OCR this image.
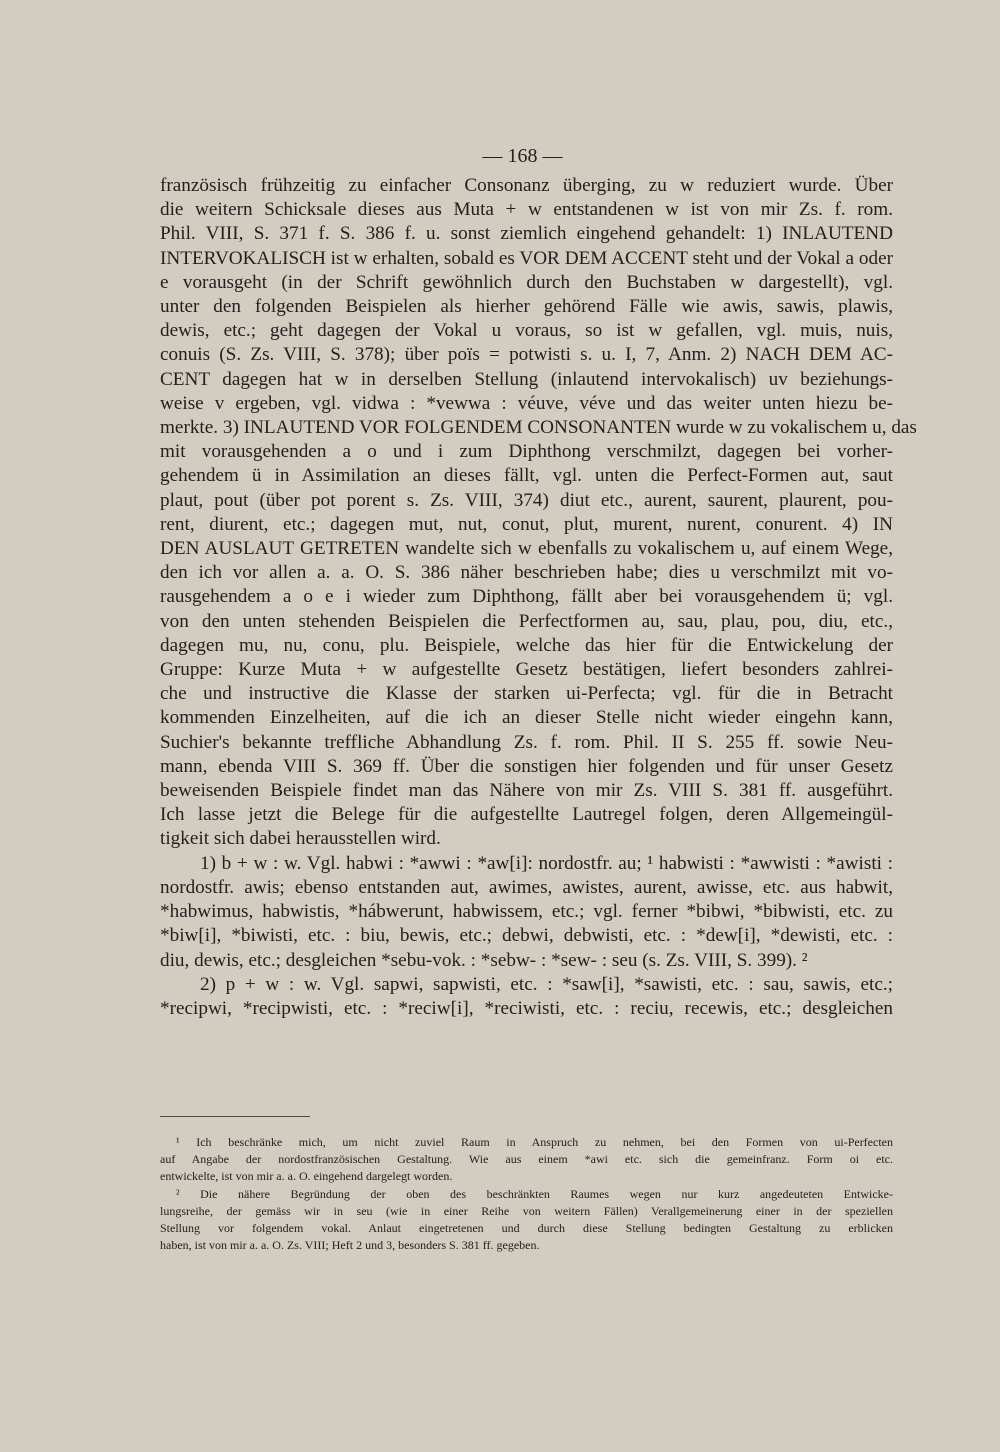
— 168 —
französisch frühzeitig zu einfacher Consonanz überging, zu w reduziert wurde. Über
die weitern Schicksale dieses aus Muta + w entstandenen w ist von mir Zs. f. rom.
Phil. VIII, S. 371 f. S. 386 f. u. sonst ziemlich eingehend gehandelt: 1) INLAUTEND
INTERVOKALISCH ist w erhalten, sobald es VOR DEM ACCENT steht und der Vokal a oder
e vorausgeht (in der Schrift gewöhnlich durch den Buchstaben w dargestellt), vgl.
unter den folgenden Beispielen als hierher gehörend Fälle wie awis, sawis, plawis,
dewis, etc.; geht dagegen der Vokal u voraus, so ist w gefallen, vgl. muis, nuis,
conuis (S. Zs. VIII, S. 378); über poïs = potwisti s. u. I, 7, Anm. 2) NACH DEM AC-
CENT dagegen hat w in derselben Stellung (inlautend intervokalisch) uv beziehungs-
weise v ergeben, vgl. vidwa : *vewwa : véuve, véve und das weiter unten hiezu be-
merkte. 3) INLAUTEND VOR FOLGENDEM CONSONANTEN wurde w zu vokalischem u, das
mit vorausgehenden a o und i zum Diphthong verschmilzt, dagegen bei vorher-
gehendem ü in Assimilation an dieses fällt, vgl. unten die Perfect-Formen aut, saut
plaut, pout (über pot porent s. Zs. VIII, 374) diut etc., aurent, saurent, plaurent, pou-
rent, diurent, etc.; dagegen mut, nut, conut, plut, murent, nurent, conurent. 4) IN
DEN AUSLAUT GETRETEN wandelte sich w ebenfalls zu vokalischem u, auf einem Wege,
den ich vor allen a. a. O. S. 386 näher beschrieben habe; dies u verschmilzt mit vo-
rausgehendem a o e i wieder zum Diphthong, fällt aber bei vorausgehendem ü; vgl.
von den unten stehenden Beispielen die Perfectformen au, sau, plau, pou, diu, etc.,
dagegen mu, nu, conu, plu. Beispiele, welche das hier für die Entwickelung der
Gruppe: Kurze Muta + w aufgestellte Gesetz bestätigen, liefert besonders zahlrei-
che und instructive die Klasse der starken ui-Perfecta; vgl. für die in Betracht
kommenden Einzelheiten, auf die ich an dieser Stelle nicht wieder eingehn kann,
Suchier's bekannte treffliche Abhandlung Zs. f. rom. Phil. II S. 255 ff. sowie Neu-
mann, ebenda VIII S. 369 ff. Über die sonstigen hier folgenden und für unser Gesetz
beweisenden Beispiele findet man das Nähere von mir Zs. VIII S. 381 ff. ausgeführt.
Ich lasse jetzt die Belege für die aufgestellte Lautregel folgen, deren Allgemeingül-
tigkeit sich dabei herausstellen wird.
1) b + w : w. Vgl. habwi : *awwi : *aw[i]: nordostfr. au; ¹ habwisti : *awwisti : *awisti :
nordostfr. awis; ebenso entstanden aut, awimes, awistes, aurent, awisse, etc. aus habwit,
*habwimus, habwistis, *hábwerunt, habwissem, etc.; vgl. ferner *bibwi, *bibwisti, etc. zu
*biw[i], *biwisti, etc. : biu, bewis, etc.; debwi, debwisti, etc. : *dew[i], *dewisti, etc. :
diu, dewis, etc.; desgleichen *sebu-vok. : *sebw- : *sew- : seu (s. Zs. VIII, S. 399). ²
2) p + w : w. Vgl. sapwi, sapwisti, etc. : *saw[i], *sawisti, etc. : sau, sawis, etc.;
*recipwi, *recipwisti, etc. : *reciw[i], *reciwisti, etc. : reciu, recewis, etc.; desgleichen
¹ Ich beschränke mich, um nicht zuviel Raum in Anspruch zu nehmen, bei den Formen von ui-Perfecten
auf Angabe der nordostfranzösischen Gestaltung. Wie aus einem *awi etc. sich die gemeinfranz. Form oi etc.
entwickelte, ist von mir a. a. O. eingehend dargelegt worden.
² Die nähere Begründung der oben des beschränkten Raumes wegen nur kurz angedeuteten Entwicke-
lungsreihe, der gemäss wir in seu (wie in einer Reihe von weitern Fällen) Verallgemeinerung einer in der speziellen
Stellung vor folgendem vokal. Anlaut eingetretenen und durch diese Stellung bedingten Gestaltung zu erblicken
haben, ist von mir a. a. O. Zs. VIII; Heft 2 und 3, besonders S. 381 ff. gegeben.
